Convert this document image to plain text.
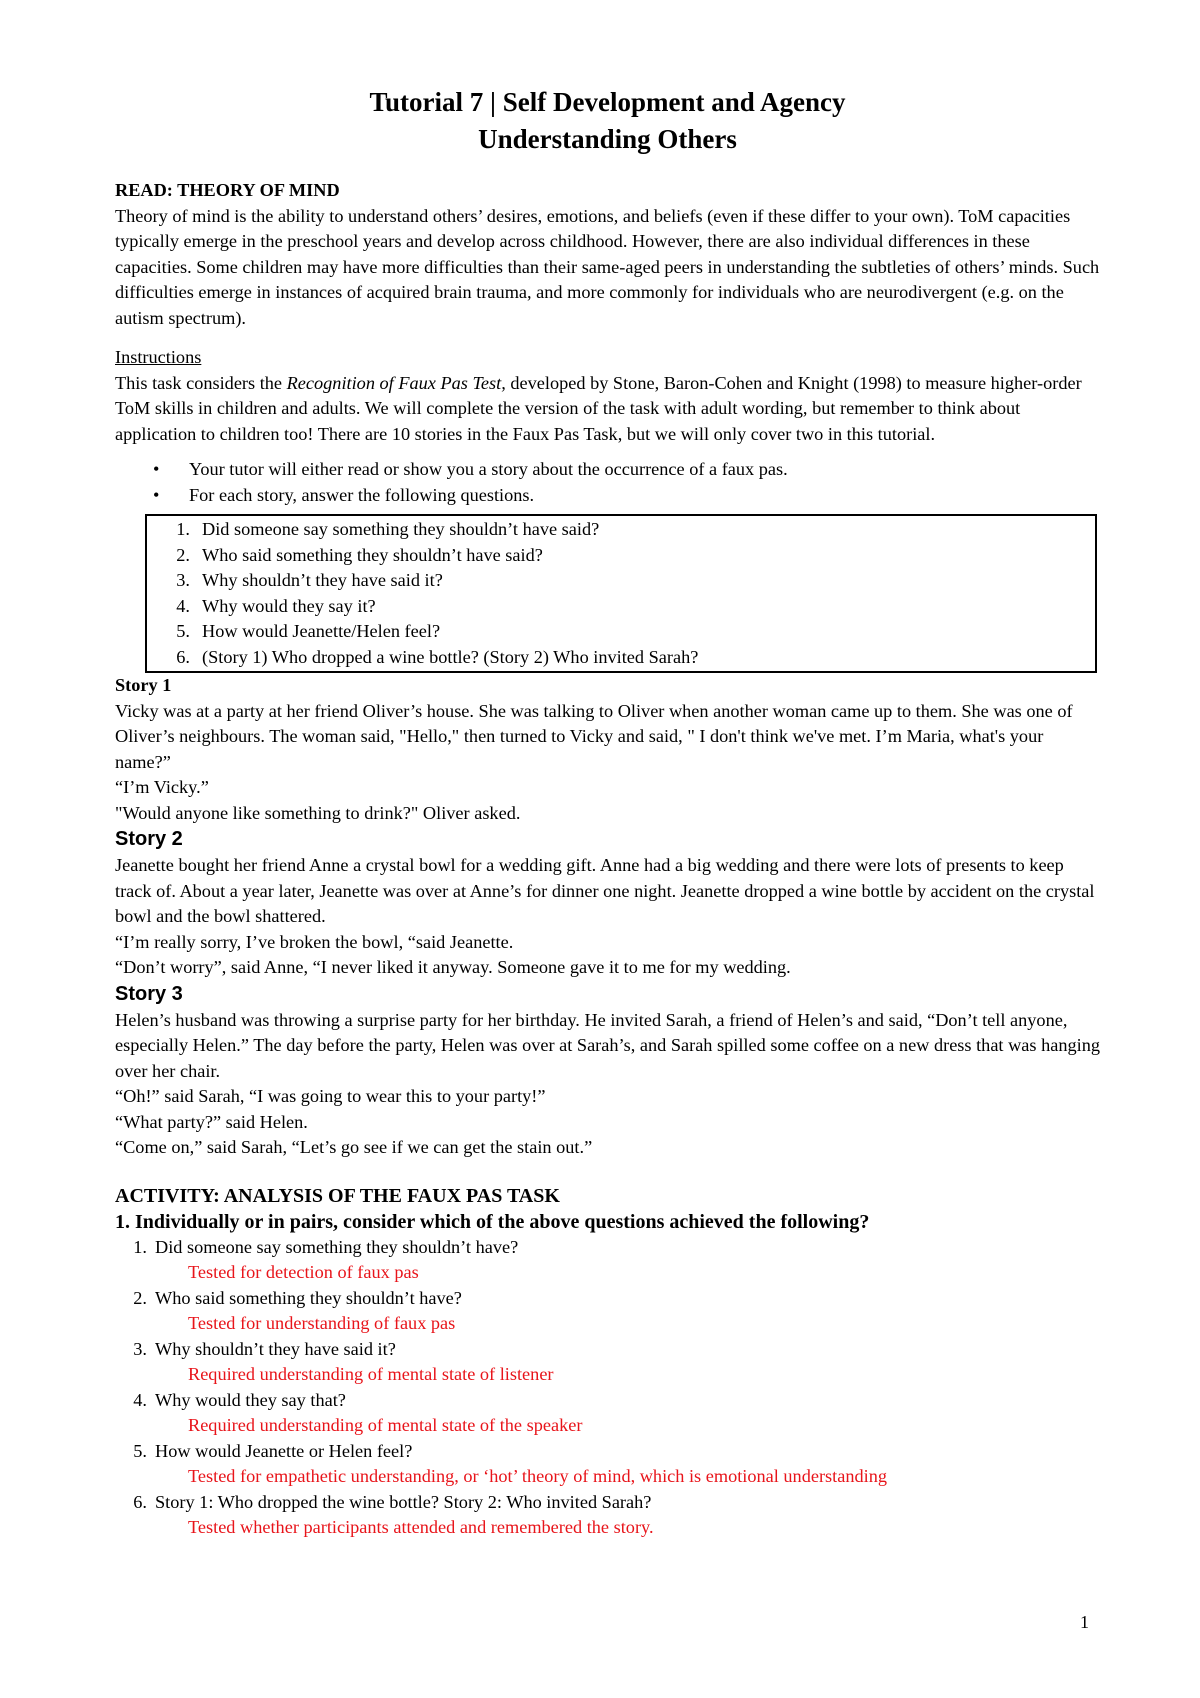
Tutorial 7 | Self Development and Agency

Understanding Others

READ: THEORY OF MIND

Theory of mind is the ability to understand others’ desires, emotions, and beliefs (even if these differ to your own). ToM capacities typically emerge in the preschool years and develop across childhood. However, there are also individual differences in these capacities. Some children may have more difficulties than their same-aged peers in understanding the subtleties of others’ minds. Such difficulties emerge in instances of acquired brain trauma, and more commonly for individuals who are neurodivergent (e.g. on the autism spectrum).

Instructions

This task considers the Recognition of Faux Pas Test, developed by Stone, Baron-Cohen and Knight (1998) to measure higher-order ToM skills in children and adults. We will complete the version of the task with adult wording, but remember to think about application to children too! There are 10 stories in the Faux Pas Task, but we will only cover two in this tutorial.

• Your tutor will either read or show you a story about the occurrence of a faux pas.
• For each story, answer the following questions.
1. Did someone say something they shouldn’t have said?
2. Who said something they shouldn’t have said?
3. Why shouldn’t they have said it?
4. Why would they say it?
5. How would Jeanette/Helen feel?
6. (Story 1) Who dropped a wine bottle? (Story 2) Who invited Sarah?

Story 1

Vicky was at a party at her friend Oliver’s house. She was talking to Oliver when another woman came up to them. She was one of Oliver’s neighbours. The woman said, "Hello," then turned to Vicky and said, " I don't think we've met. I’m Maria, what's your name?”

“I’m Vicky.”

"Would anyone like something to drink?" Oliver asked.

Story 2

Jeanette bought her friend Anne a crystal bowl for a wedding gift. Anne had a big wedding and there were lots of presents to keep track of. About a year later, Jeanette was over at Anne’s for dinner one night. Jeanette dropped a wine bottle by accident on the crystal bowl and the bowl shattered.

“I’m really sorry, I’ve broken the bowl, “said Jeanette.

“Don’t worry”, said Anne, “I never liked it anyway. Someone gave it to me for my wedding.

Story 3

Helen’s husband was throwing a surprise party for her birthday. He invited Sarah, a friend of Helen’s and said, “Don’t tell anyone, especially Helen.” The day before the party, Helen was over at Sarah’s, and Sarah spilled some coffee on a new dress that was hanging over her chair.

“Oh!” said Sarah, “I was going to wear this to your party!”

“What party?” said Helen.

“Come on,” said Sarah, “Let’s go see if we can get the stain out.”

ACTIVITY: ANALYSIS OF THE FAUX PAS TASK

1. Individually or in pairs, consider which of the above questions achieved the following?

1. Did someone say something they shouldn’t have?

Tested for detection of faux pas

2. Who said something they shouldn’t have?

Tested for understanding of faux pas

3. Why shouldn’t they have said it?

Required understanding of mental state of listener

4. Why would they say that?

Required understanding of mental state of the speaker

5. How would Jeanette or Helen feel?

Tested for empathetic understanding, or ‘hot’ theory of mind, which is emotional understanding

6. Story 1: Who dropped the wine bottle? Story 2: Who invited Sarah?

Tested whether participants attended and remembered the story.

1
